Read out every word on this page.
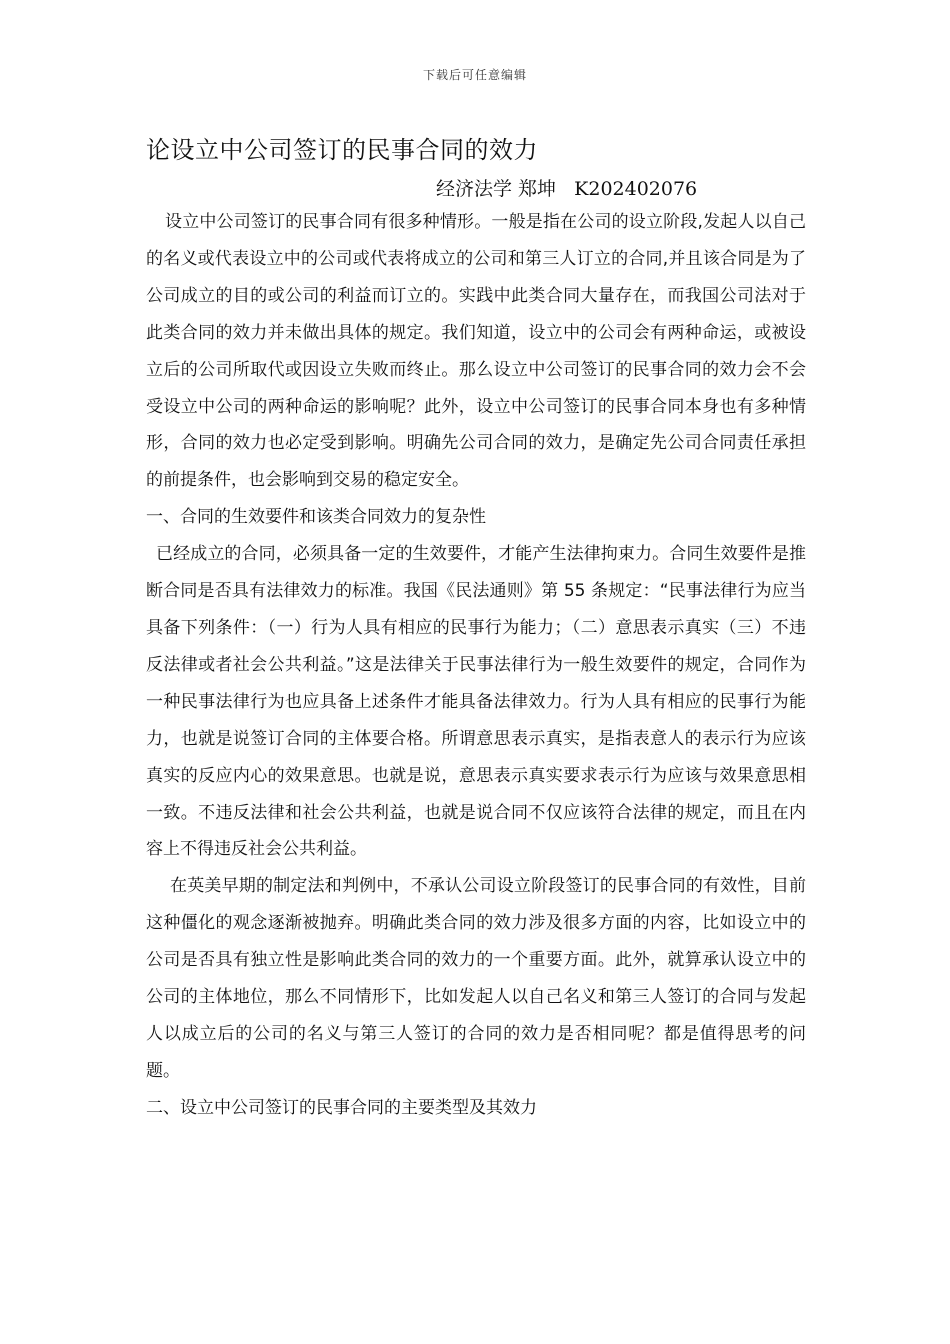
下载后可任意编辑
论设立中公司签订的民事合同的效力
经济法学 郑坤   K202402076

设立中公司签订的民事合同有很多种情形。一般是指在公司的设立阶段,发起人以自己的名义或代表设立中的公司或代表将成立的公司和第三人订立的合同,并且该合同是为了公司成立的目的或公司的利益而订立的。实践中此类合同大量存在，而我国公司法对于此类合同的效力并未做出具体的规定。我们知道，设立中的公司会有两种命运，或被设立后的公司所取代或因设立失败而终止。那么设立中公司签订的民事合同的效力会不会受设立中公司的两种命运的影响呢？此外，设立中公司签订的民事合同本身也有多种情形，合同的效力也必定受到影响。明确先公司合同的效力，是确定先公司合同责任承担的前提条件，也会影响到交易的稳定安全。

一、合同的生效要件和该类合同效力的复杂性

已经成立的合同，必须具备一定的生效要件，才能产生法律拘束力。合同生效要件是推断合同是否具有法律效力的标准。我国《民法通则》第 55 条规定：“民事法律行为应当具备下列条件：（一）行为人具有相应的民事行为能力；（二）意思表示真实（三）不违反法律或者社会公共利益。”这是法律关于民事法律行为一般生效要件的规定，合同作为一种民事法律行为也应具备上述条件才能具备法律效力。行为人具有相应的民事行为能力，也就是说签订合同的主体要合格。所谓意思表示真实，是指表意人的表示行为应该真实的反应内心的效果意思。也就是说，意思表示真实要求表示行为应该与效果意思相一致。不违反法律和社会公共利益，也就是说合同不仅应该符合法律的规定，而且在内容上不得违反社会公共利益。

在英美早期的制定法和判例中，不承认公司设立阶段签订的民事合同的有效性，目前这种僵化的观念逐渐被抛弃。明确此类合同的效力涉及很多方面的内容，比如设立中的公司是否具有独立性是影响此类合同的效力的一个重要方面。此外，就算承认设立中的公司的主体地位，那么不同情形下，比如发起人以自己名义和第三人签订的合同与发起人以成立后的公司的名义与第三人签订的合同的效力是否相同呢？都是值得思考的问题。

二、设立中公司签订的民事合同的主要类型及其效力
